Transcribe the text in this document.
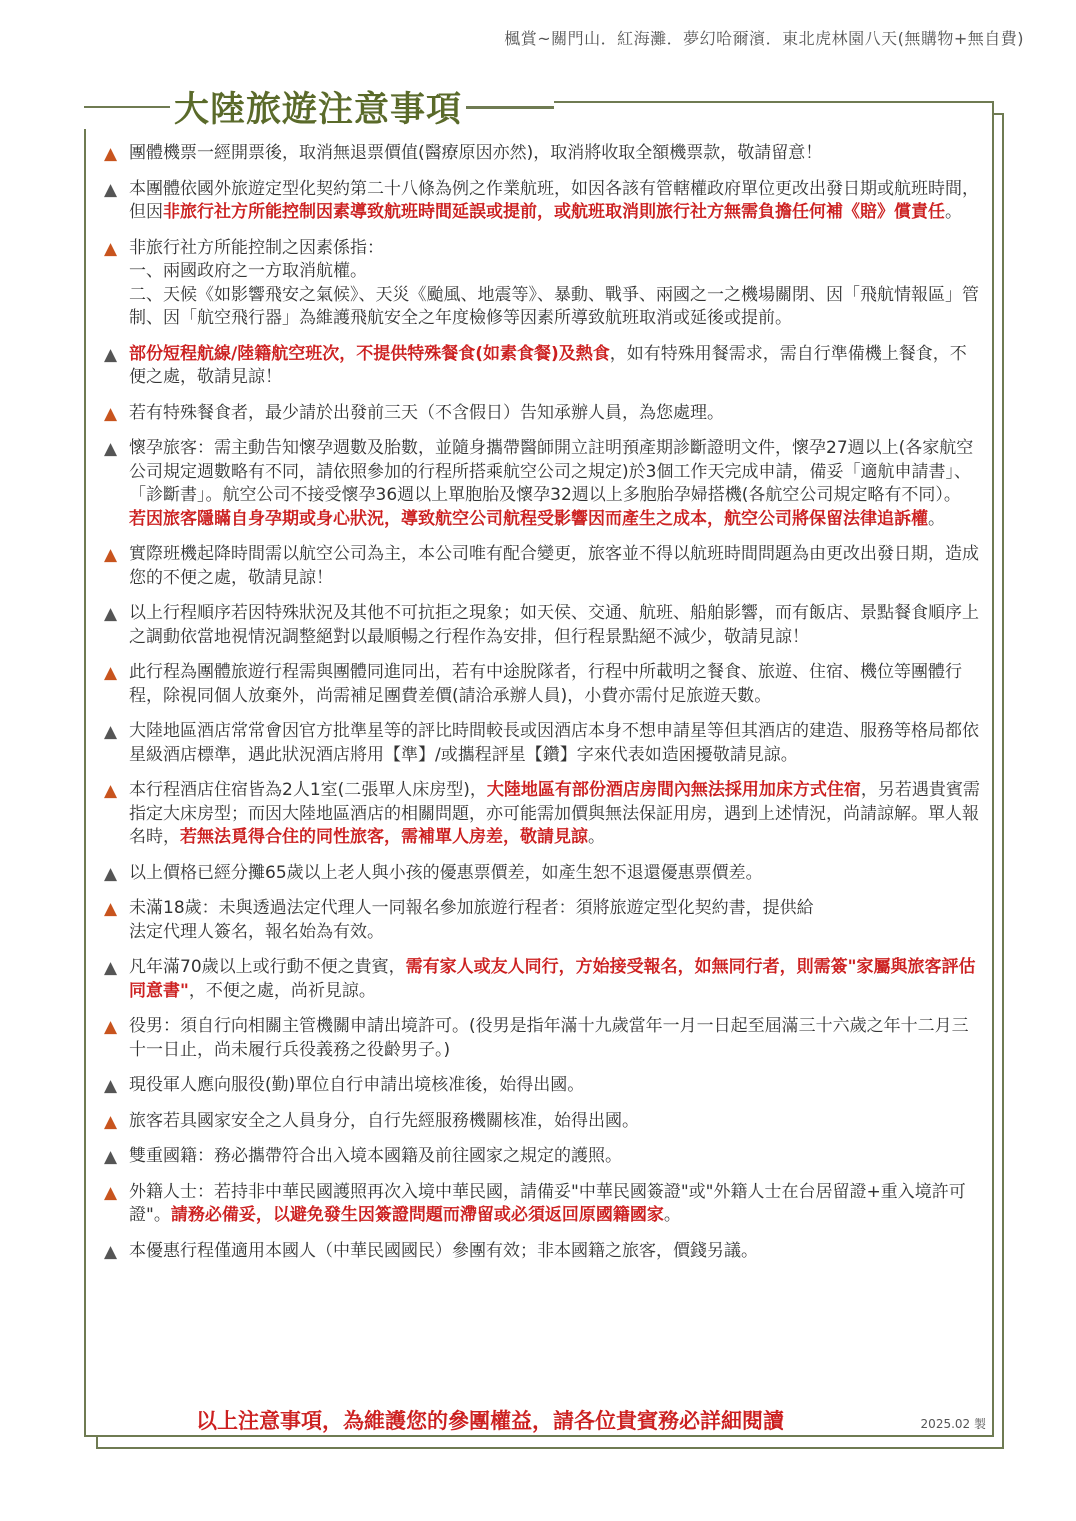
楓賞~關門山．紅海灘．夢幻哈爾濱．東北虎林園八天(無購物+無自費)
大陸旅遊注意事項
▲ 團體機票一經開票後，取消無退票價值(醫療原因亦然)，取消將收取全額機票款，敬請留意！
▲ 本團體依國外旅遊定型化契約第二十八條為例之作業航班，如因各該有管轄權政府單位更改出發日期或航班時間，但因非旅行社方所能控制因素導致航班時間延誤或提前，或航班取消則旅行社方無需負擔任何補《賠》償責任。
▲ 非旅行社方所能控制之因素係指：
一、兩國政府之一方取消航權。
二、天候《如影響飛安之氣候》、天災《颱風、地震等》、暴動、戰爭、兩國之一之機場關閉、因「飛航情報區」管制、因「航空飛行器」為維護飛航安全之年度檢修等因素所導致航班取消或延後或提前。
▲ 部份短程航線/陸籍航空班次，不提供特殊餐食(如素食餐)及熱食，如有特殊用餐需求，需自行準備機上餐食，不便之處，敬請見諒！
▲ 若有特殊餐食者，最少請於出發前三天（不含假日）告知承辦人員，為您處理。
▲ 懷孕旅客：需主動告知懷孕週數及胎數，並隨身攜帶醫師開立註明預產期診斷證明文件，懷孕27週以上(各家航空公司規定週數略有不同，請依照參加的行程所搭乘航空公司之規定)於3個工作天完成申請，備妥「適航申請書」、「診斷書」。航空公司不接受懷孕36週以上單胞胎及懷孕32週以上多胞胎孕婦搭機(各航空公司規定略有不同）。
若因旅客隱瞞自身孕期或身心狀況，導致航空公司航程受影響因而產生之成本，航空公司將保留法律追訴權。
▲ 實際班機起降時間需以航空公司為主，本公司唯有配合變更，旅客並不得以航班時間問題為由更改出發日期，造成您的不便之處，敬請見諒！
▲ 以上行程順序若因特殊狀況及其他不可抗拒之現象；如天侯、交通、航班、船舶影響，而有飯店、景點餐食順序上之調動依當地視情況調整絕對以最順暢之行程作為安排，但行程景點絕不減少，敬請見諒！
▲ 此行程為團體旅遊行程需與團體同進同出，若有中途脫隊者，行程中所載明之餐食、旅遊、住宿、機位等團體行程，除視同個人放棄外，尚需補足團費差價(請洽承辦人員)，小費亦需付足旅遊天數。
▲ 大陸地區酒店常常會因官方批準星等的評比時間較長或因酒店本身不想申請星等但其酒店的建造、服務等格局都依星級酒店標準，遇此狀況酒店將用【準】/或攜程評星【鑽】字來代表如造困擾敬請見諒。
▲ 本行程酒店住宿皆為2人1室(二張單人床房型)，大陸地區有部份酒店房間內無法採用加床方式住宿，另若遇貴賓需指定大床房型；而因大陸地區酒店的相關問題，亦可能需加價與無法保証用房，遇到上述情況，尚請諒解。單人報名時，若無法覓得合住的同性旅客，需補單人房差，敬請見諒。
▲ 以上價格已經分攤65歲以上老人與小孩的優惠票價差，如產生恕不退還優惠票價差。
▲ 未滿18歲：未與透過法定代理人一同報名參加旅遊行程者：須將旅遊定型化契約書，提供給
法定代理人簽名，報名始為有效。
▲ 凡年滿70歲以上或行動不便之貴賓，需有家人或友人同行，方始接受報名，如無同行者，則需簽"家屬與旅客評估同意書"，不便之處，尚祈見諒。
▲ 役男：須自行向相關主管機關申請出境許可。(役男是指年滿十九歲當年一月一日起至屆滿三十六歲之年十二月三十一日止，尚未履行兵役義務之役齡男子。)
▲ 現役軍人應向服役(勤)單位自行申請出境核准後，始得出國。
▲ 旅客若具國家安全之人員身分，自行先經服務機關核准，始得出國。
▲ 雙重國籍：務必攜帶符合出入境本國籍及前往國家之規定的護照。
▲ 外籍人士：若持非中華民國護照再次入境中華民國，請備妥"中華民國簽證"或"外籍人士在台居留證+重入境許可證"。請務必備妥，以避免發生因簽證問題而滯留或必須返回原國籍國家。
▲ 本優惠行程僅適用本國人（中華民國國民）參團有效；非本國籍之旅客，價錢另議。
以上注意事項，為維護您的參團權益，請各位貴賓務必詳細閱讀	2025.02 製
